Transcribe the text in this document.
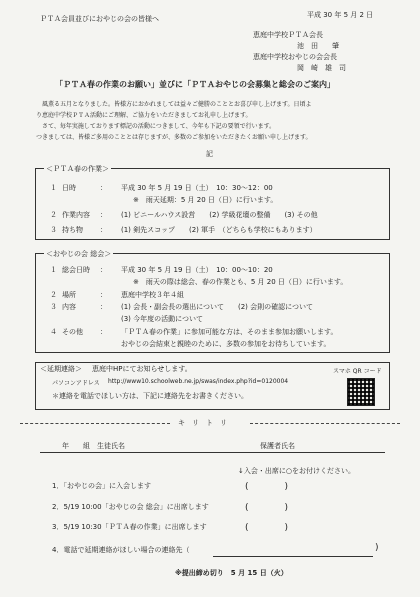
ＰＴＡ会員並びにおやじの会の皆様へ	平成 30 年 5 月 2 日
恵庭中学校ＰＴＡ会長
池　田　　肇
恵庭中学校おやじの会会長
岡　崎　雄　司
「ＰＴＡ春の作業のお願い」並びに「ＰＴＡおやじの会募集と総会のご案内」
風薫る五月となりました。皆様方におかれましては益々ご健勝のこととお喜び申し上げます。日頃よ
り恵庭中学校ＰＴＡ活動にご理解、ご協力をいただきましてお礼申し上げます。
さて、毎年実施しております標記の活動につきまして、今年も下記の要領で行います。
つきましては、皆様ご多用のこととは存じますが、多数のご参加をいただきたくお願い申し上げます。
記
＜ＰＴＡ春の作業＞
１ 日時	： 平成 30 年 5 月 19 日（土）　10：30～12：00
※　雨天延期：5 月 20 日（日）に行います。
２ 作業内容 ： (1) ビニールハウス設営　　(2) 学級花壇の整備　　(3) その他
３ 持ち物 ： (1) 剣先スコップ　　(2) 軍手　（どちらも学校にもあります）
＜おやじの会 総会＞
１ 総会日時 ： 平成 30 年 5 月 19 日（土）　10：00～10：20
※　雨天の際は総会、春の作業とも、5 月 20 日（日）に行います。
２ 場所	： 恵庭中学校３年４組
３ 内容	： (1) 会長・副会長の選出について　　(2) 会則の確認について
(3) 今年度の活動について
４ その他 ： 「ＰＴＡ春の作業」に参加可能な方は、そのまま参加お願いします。
おやじの会結束と親睦のために、多数の参加をお待ちしています。
＜延期連絡＞ 恵庭中HPにてお知らせします。
パソコンアドレス http://www10.schoolweb.ne.jp/swas/index.php?id=0120004
＊連絡を電話でほしい方は、下記に連絡先をお書きください。
スマホ QR コード
キ　リ　ト　リ
年　　組　生徒氏名	保護者氏名
↓入会・出席に○をお付けください。
1．「おやじの会」に入会します	(　　　　)
2．5/19 10:00「おやじの会 総会」に出席します	(　　　　)
3．5/19 10:30「ＰＴＡ春の作業」に出席します	(　　　　)
4．電話で延期連絡がほしい場合の連絡先（	)
※提出締め切り　5 月 15 日（火）
